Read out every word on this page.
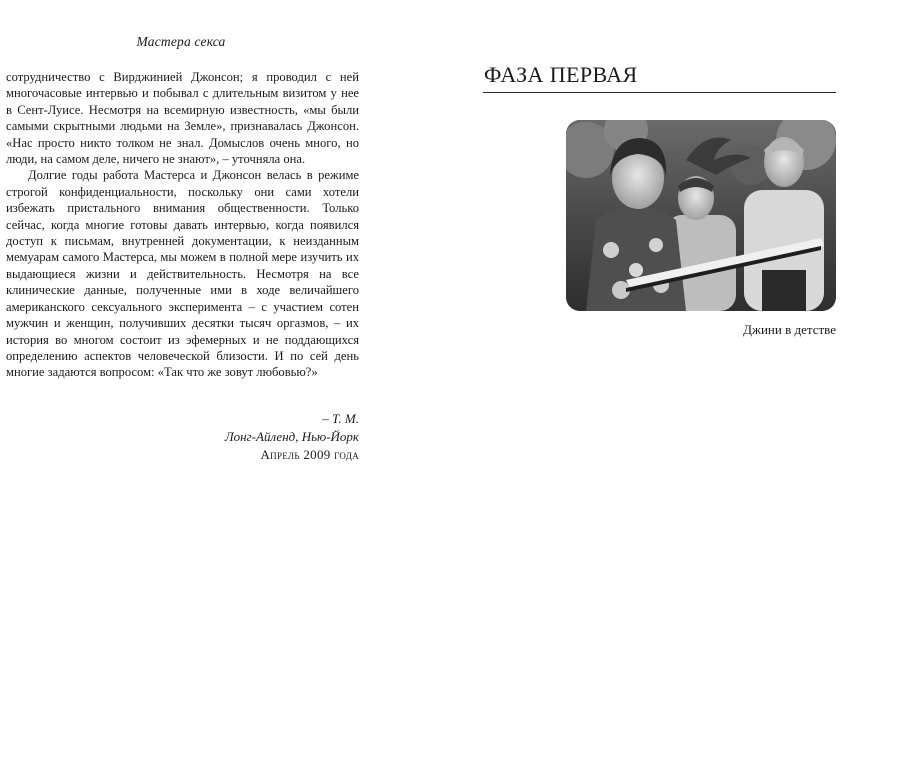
Мастера секса

сотрудничество с Вирджинией Джонсон; я проводил с ней многочасовые интервью и побывал с длительным визитом у нее в Сент-Луисе. Несмотря на всемирную известность, «мы были самыми скрытными людьми на Земле», признавалась Джонсон. «Нас просто никто толком не знал. Домыслов очень много, но люди, на самом деле, ничего не знают», – уточняла она.

Долгие годы работа Мастерса и Джонсон велась в режиме строгой конфиденциальности, поскольку они сами хотели избежать пристального внимания общественности. Только сейчас, когда многие готовы давать интервью, когда появился доступ к письмам, внутренней документации, к неизданным мемуарам самого Мастерса, мы можем в полной мере изучить их выдающиеся жизни и действительность. Несмотря на все клинические данные, полученные ими в ходе величайшего американского сексуального эксперимента – с участием сотен мужчин и женщин, получивших десятки тысяч оргазмов, – их история во многом состоит из эфемерных и не поддающихся определению аспектов человеческой близости. И по сей день многие задаются вопросом: «Так что же зовут любовью?»

– Т. М.
Лонг-Айленд, Нью-Йорк
Апрель 2009 года
ФАЗА ПЕРВАЯ
Джини в детстве
